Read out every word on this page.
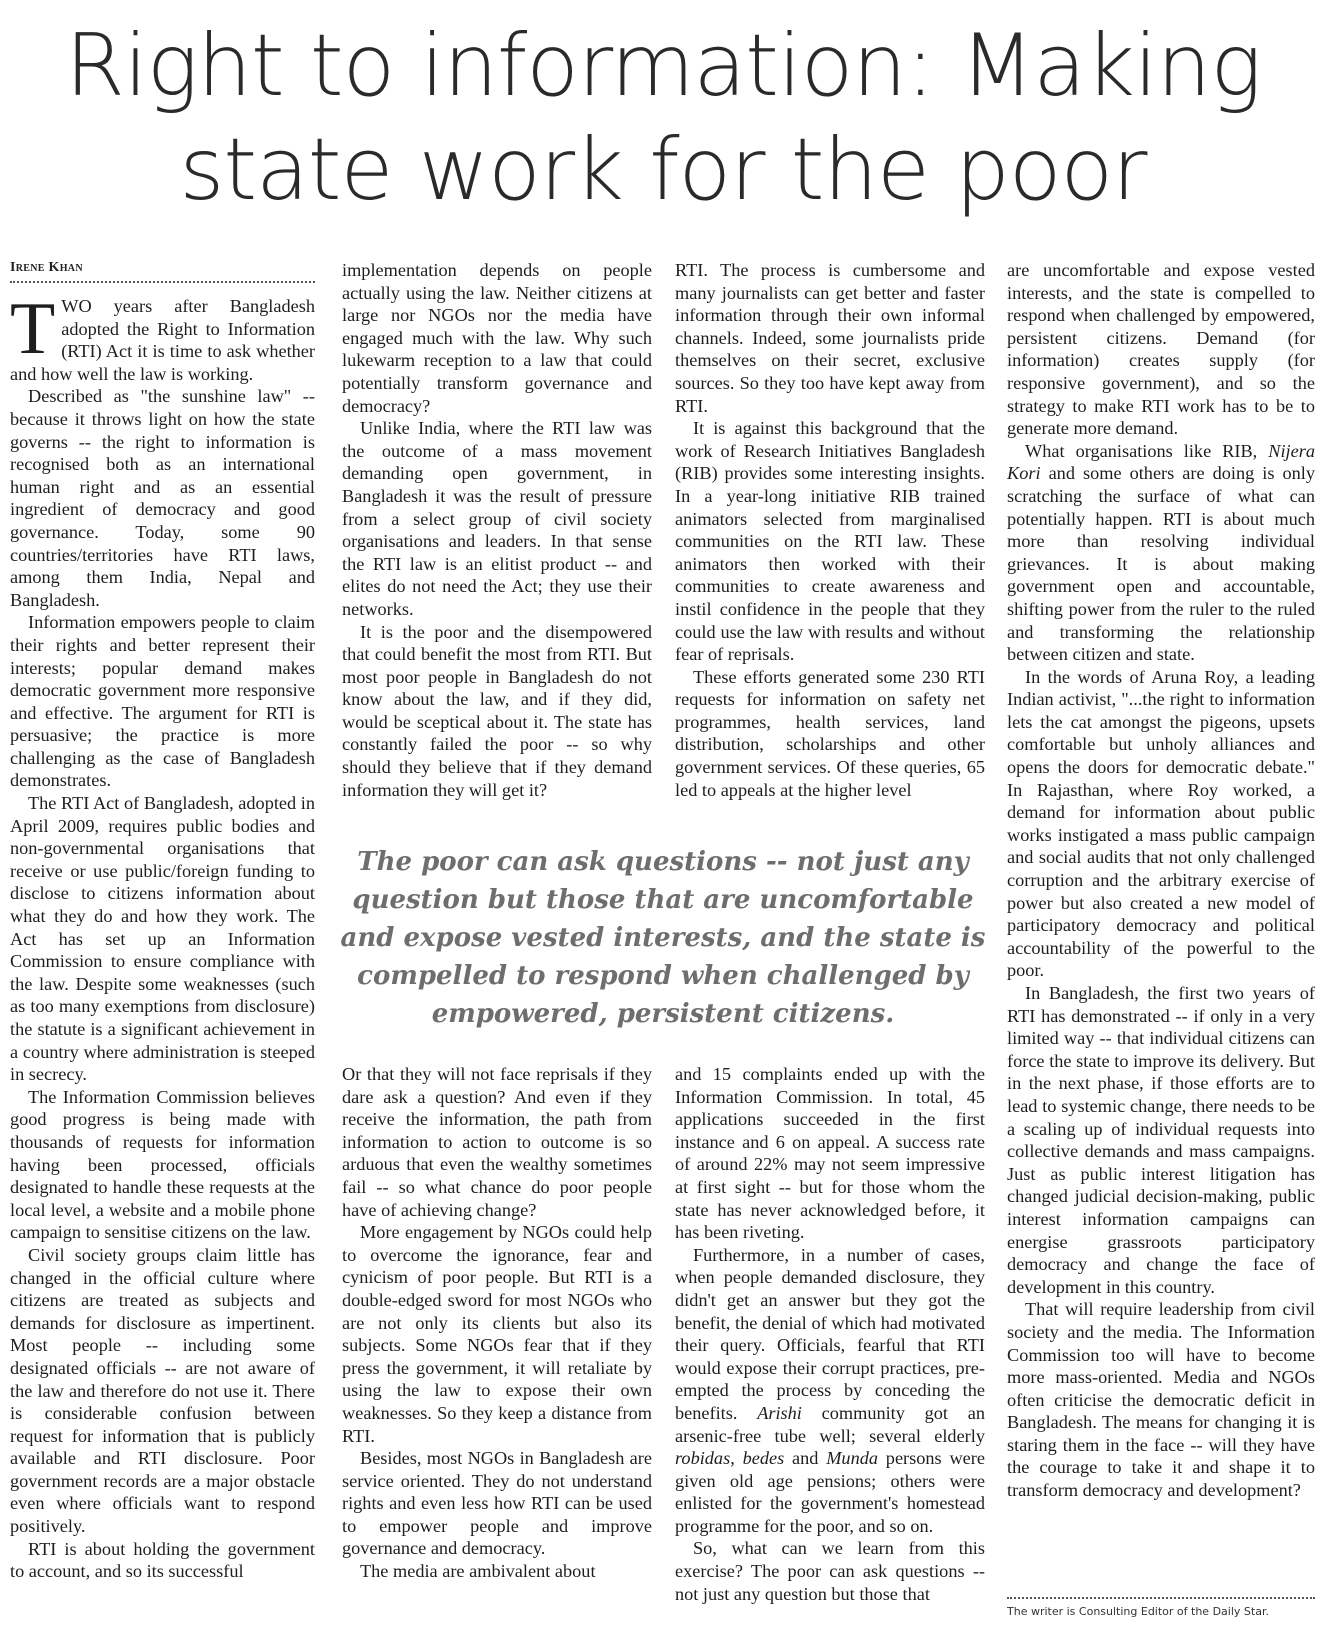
Right to information: Making state work for the poor
Irene Khan

TWO years after Bangladesh adopted the Right to Information (RTI) Act it is time to ask whether and how well the law is working.

Described as "the sunshine law" -- because it throws light on how the state governs -- the right to information is recognised both as an international human right and as an essential ingredient of democracy and good governance. Today, some 90 countries/territories have RTI laws, among them India, Nepal and Bangladesh.

Information empowers people to claim their rights and better represent their interests; popular demand makes democratic government more responsive and effective. The argument for RTI is persuasive; the practice is more challenging as the case of Bangladesh demonstrates.

The RTI Act of Bangladesh, adopted in April 2009, requires public bodies and non-governmental organisations that receive or use public/foreign funding to disclose to citizens information about what they do and how they work. The Act has set up an Information Commission to ensure compliance with the law. Despite some weaknesses (such as too many exemptions from disclosure) the statute is a significant achievement in a country where administration is steeped in secrecy.

The Information Commission believes good progress is being made with thousands of requests for information having been processed, officials designated to handle these requests at the local level, a website and a mobile phone campaign to sensitise citizens on the law.

Civil society groups claim little has changed in the official culture where citizens are treated as subjects and demands for disclosure as impertinent. Most people -- including some designated officials -- are not aware of the law and therefore do not use it. There is considerable confusion between request for information that is publicly available and RTI disclosure. Poor government records are a major obstacle even where officials want to respond positively.

RTI is about holding the government to account, and so its successful

implementation depends on people actually using the law. Neither citizens at large nor NGOs nor the media have engaged much with the law. Why such lukewarm reception to a law that could potentially transform governance and democracy?

Unlike India, where the RTI law was the outcome of a mass movement demanding open government, in Bangladesh it was the result of pressure from a select group of civil society organisations and leaders. In that sense the RTI law is an elitist product -- and elites do not need the Act; they use their networks.

It is the poor and the disempowered that could benefit the most from RTI. But most poor people in Bangladesh do not know about the law, and if they did, would be sceptical about it. The state has constantly failed the poor -- so why should they believe that if they demand information they will get it?

RTI. The process is cumbersome and many journalists can get better and faster information through their own informal channels. Indeed, some journalists pride themselves on their secret, exclusive sources. So they too have kept away from RTI.

It is against this background that the work of Research Initiatives Bangladesh (RIB) provides some interesting insights. In a year-long initiative RIB trained animators selected from marginalised communities on the RTI law. These animators then worked with their communities to create awareness and instil confidence in the people that they could use the law with results and without fear of reprisals.

These efforts generated some 230 RTI requests for information on safety net programmes, health services, land distribution, scholarships and other government services. Of these queries, 65 led to appeals at the higher level

The poor can ask questions -- not just any question but those that are uncomfortable and expose vested interests, and the state is compelled to respond when challenged by empowered, persistent citizens.

Or that they will not face reprisals if they dare ask a question? And even if they receive the information, the path from information to action to outcome is so arduous that even the wealthy sometimes fail -- so what chance do poor people have of achieving change?

More engagement by NGOs could help to overcome the ignorance, fear and cynicism of poor people. But RTI is a double-edged sword for most NGOs who are not only its clients but also its subjects. Some NGOs fear that if they press the government, it will retaliate by using the law to expose their own weaknesses. So they keep a distance from RTI.

Besides, most NGOs in Bangladesh are service oriented. They do not understand rights and even less how RTI can be used to empower people and improve governance and democracy.

The media are ambivalent about

and 15 complaints ended up with the Information Commission. In total, 45 applications succeeded in the first instance and 6 on appeal. A success rate of around 22% may not seem impressive at first sight -- but for those whom the state has never acknowledged before, it has been riveting.

Furthermore, in a number of cases, when people demanded disclosure, they didn't get an answer but they got the benefit, the denial of which had motivated their query. Officials, fearful that RTI would expose their corrupt practices, pre-empted the process by conceding the benefits. Arishi community got an arsenic-free tube well; several elderly robidas, bedes and Munda persons were given old age pensions; others were enlisted for the government's homestead programme for the poor, and so on.

So, what can we learn from this exercise? The poor can ask questions -- not just any question but those that

are uncomfortable and expose vested interests, and the state is compelled to respond when challenged by empowered, persistent citizens. Demand (for information) creates supply (for responsive government), and so the strategy to make RTI work has to be to generate more demand.

What organisations like RIB, Nijera Kori and some others are doing is only scratching the surface of what can potentially happen. RTI is about much more than resolving individual grievances. It is about making government open and accountable, shifting power from the ruler to the ruled and transforming the relationship between citizen and state.

In the words of Aruna Roy, a leading Indian activist, "...the right to information lets the cat amongst the pigeons, upsets comfortable but unholy alliances and opens the doors for democratic debate." In Rajasthan, where Roy worked, a demand for information about public works instigated a mass public campaign and social audits that not only challenged corruption and the arbitrary exercise of power but also created a new model of participatory democracy and political accountability of the powerful to the poor.

In Bangladesh, the first two years of RTI has demonstrated -- if only in a very limited way -- that individual citizens can force the state to improve its delivery. But in the next phase, if those efforts are to lead to systemic change, there needs to be a scaling up of individual requests into collective demands and mass campaigns. Just as public interest litigation has changed judicial decision-making, public interest information campaigns can energise grassroots participatory democracy and change the face of development in this country.

That will require leadership from civil society and the media. The Information Commission too will have to become more mass-oriented. Media and NGOs often criticise the democratic deficit in Bangladesh. The means for changing it is staring them in the face -- will they have the courage to take it and shape it to transform democracy and development?

The writer is Consulting Editor of the Daily Star.
